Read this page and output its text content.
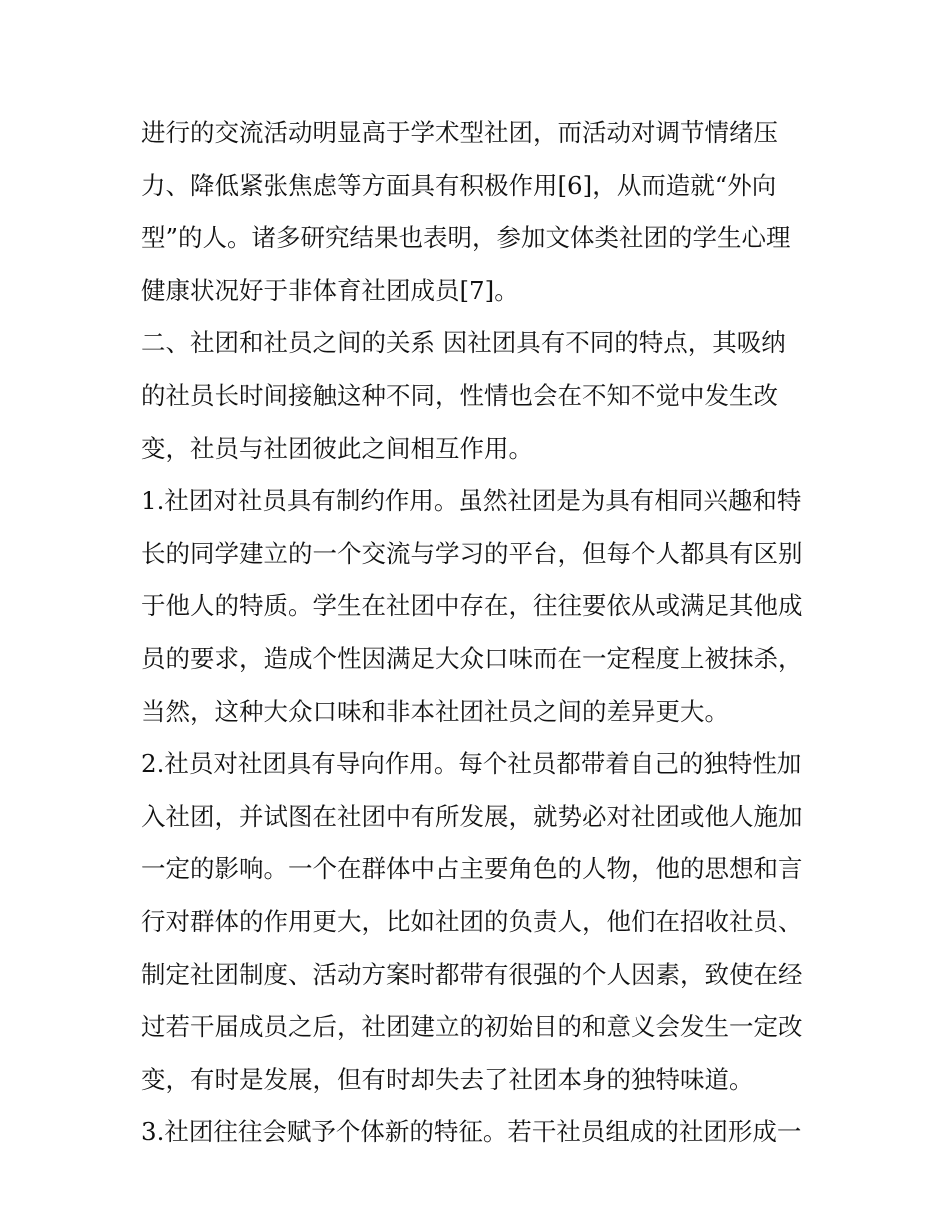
进行的交流活动明显高于学术型社团，而活动对调节情绪压
力、降低紧张焦虑等方面具有积极作用[6]，从而造就“外向
型”的人。诸多研究结果也表明，参加文体类社团的学生心理
健康状况好于非体育社团成员[7]。
二、社团和社员之间的关系 因社团具有不同的特点，其吸纳
的社员长时间接触这种不同，性情也会在不知不觉中发生改
变，社员与社团彼此之间相互作用。
1.社团对社员具有制约作用。虽然社团是为具有相同兴趣和特
长的同学建立的一个交流与学习的平台，但每个人都具有区别
于他人的特质。学生在社团中存在，往往要依从或满足其他成
员的要求，造成个性因满足大众口味而在一定程度上被抹杀，
当然，这种大众口味和非本社团社员之间的差异更大。
2.社员对社团具有导向作用。每个社员都带着自己的独特性加
入社团，并试图在社团中有所发展，就势必对社团或他人施加
一定的影响。一个在群体中占主要角色的人物，他的思想和言
行对群体的作用更大，比如社团的负责人，他们在招收社员、
制定社团制度、活动方案时都带有很强的个人因素，致使在经
过若干届成员之后，社团建立的初始目的和意义会发生一定改
变，有时是发展，但有时却失去了社团本身的独特味道。
3.社团往往会赋予个体新的特征。若干社员组成的社团形成一
